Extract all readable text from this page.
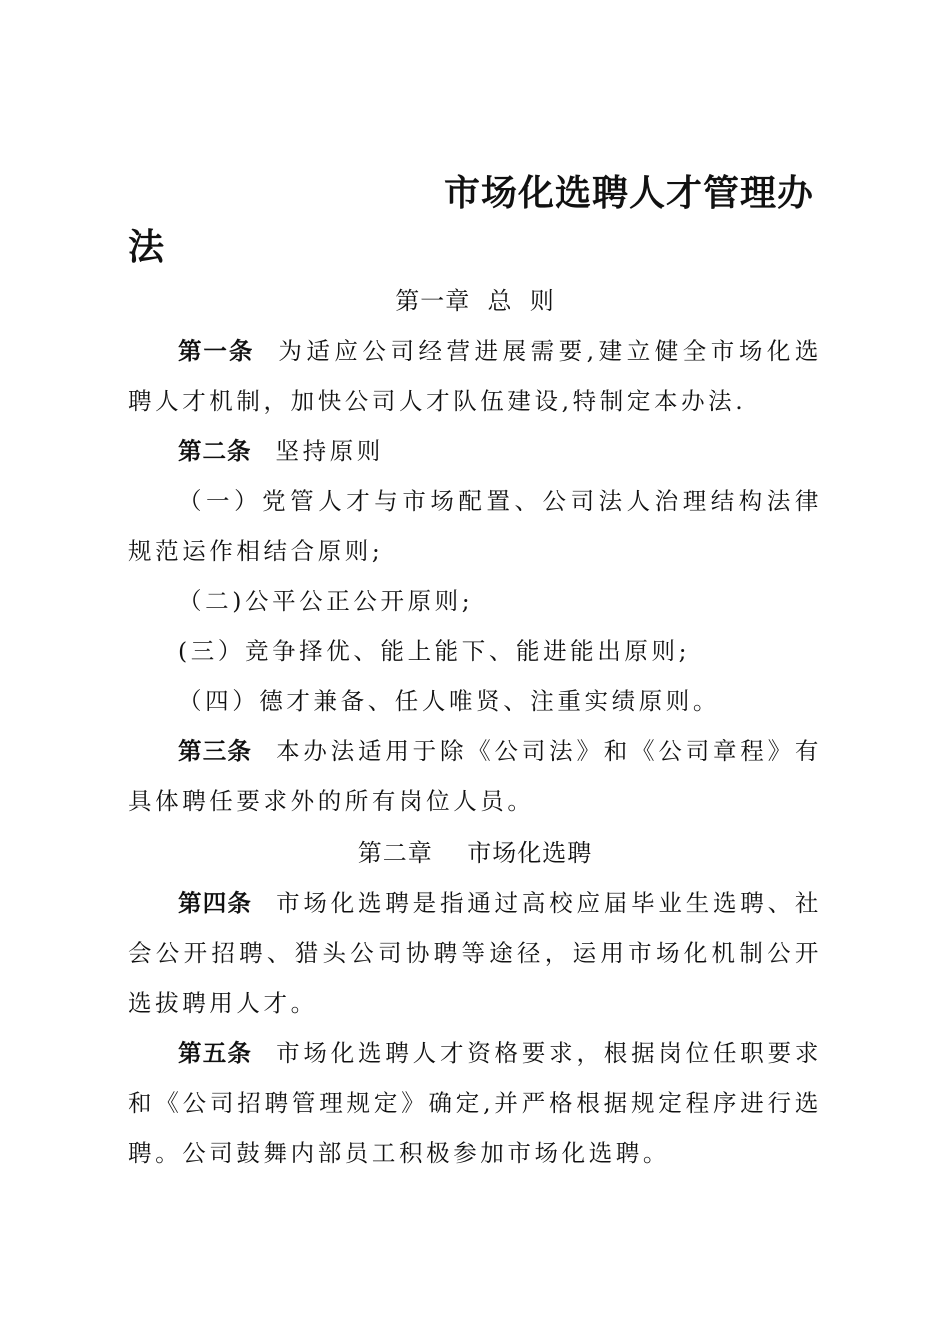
市场化选聘人才管理办法
第一章  总  则

第一条 为适应公司经营进展需要,建立健全市场化选聘人才机制，加快公司人才队伍建设,特制定本办法.

第二条 坚持原则

（一）党管人才与市场配置、公司法人治理结构法律规范运作相结合原则;

（二)公平公正公开原则;

(三）竞争择优、能上能下、能进能出原则;

（四）德才兼备、任人唯贤、注重实绩原则。

第三条 本办法适用于除《公司法》和《公司章程》有具体聘任要求外的所有岗位人员。

第二章    市场化选聘

第四条 市场化选聘是指通过高校应届毕业生选聘、社会公开招聘、猎头公司协聘等途径，运用市场化机制公开选拔聘用人才。

第五条 市场化选聘人才资格要求，根据岗位任职要求和《公司招聘管理规定》确定,并严格根据规定程序进行选聘。公司鼓舞内部员工积极参加市场化选聘。
